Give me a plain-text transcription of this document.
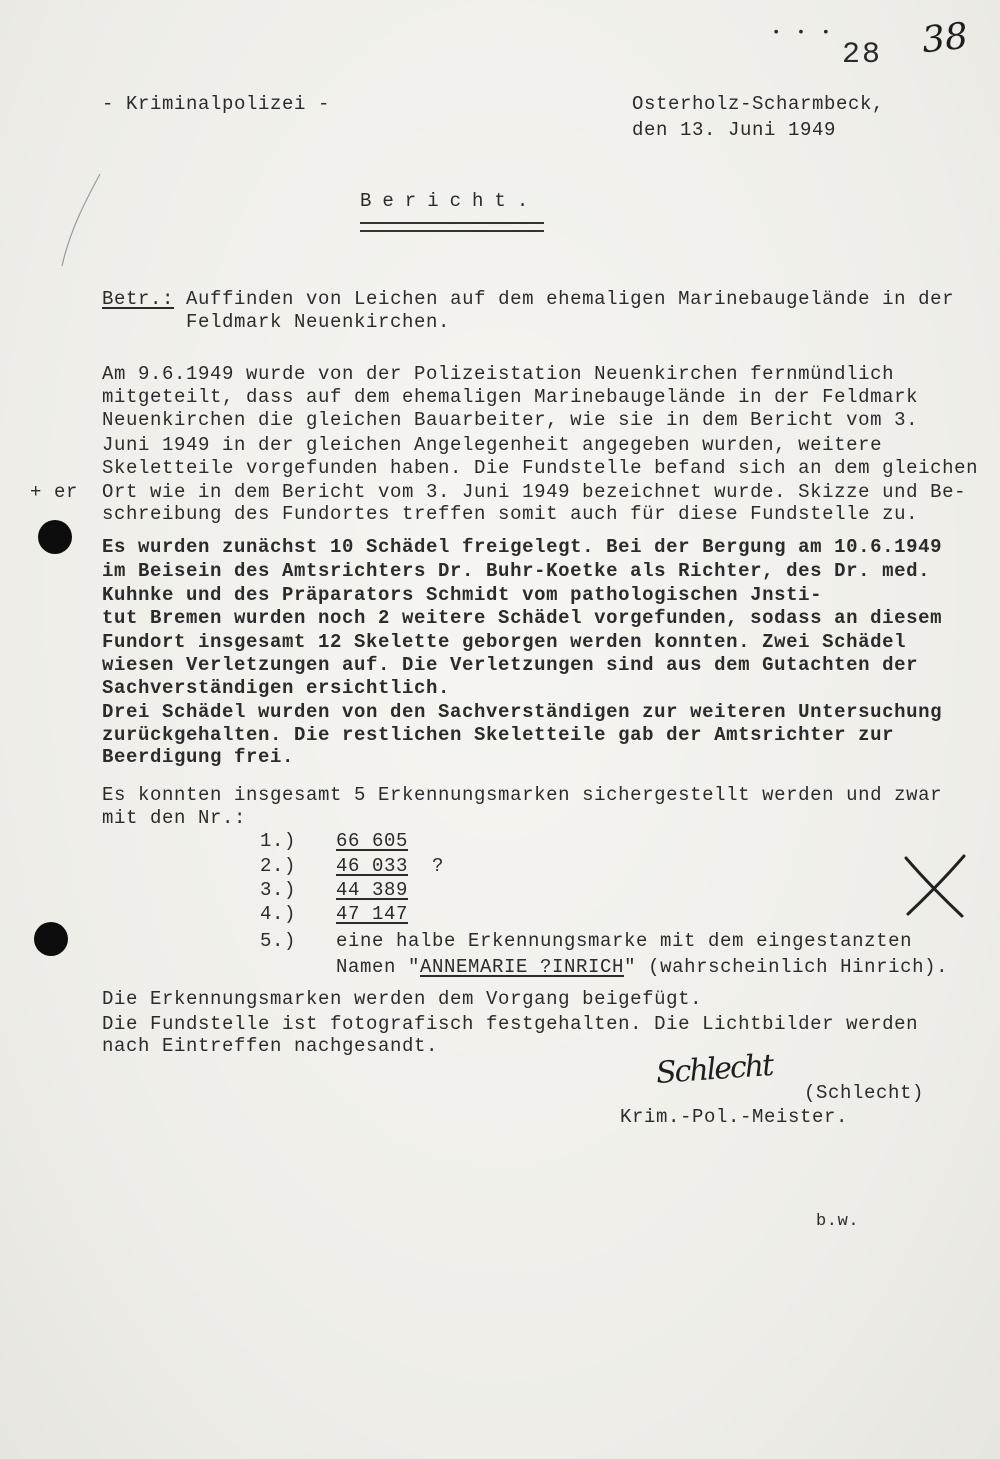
• • •
28 38
- Kriminalpolizei -	Osterholz-Scharmbeck,
den 13. Juni 1949
Bericht.
Betr.: Auffinden von Leichen auf dem ehemaligen Marinebaugelände in der
Feldmark Neuenkirchen.
Am 9.6.1949 wurde von der Polizeistation Neuenkirchen fernmündlich
mitgeteilt, dass auf dem ehemaligen Marinebaugelände in der Feldmark
Neuenkirchen die gleichen Bauarbeiter, wie sie in dem Bericht vom 3.
Juni 1949 in der gleichen Angelegenheit angegeben wurden, weitere
Skeletteile vorgefunden haben. Die Fundstelle befand sich an dem gleichen
Ort wie in dem Bericht vom 3. Juni 1949 bezeichnet wurde. Skizze und Be-
schreibung des Fundortes treffen somit auch für diese Fundstelle zu.
+ er
Es wurden zunächst 10 Schädel freigelegt. Bei der Bergung am 10.6.1949
im Beisein des Amtsrichters Dr. Buhr-Koetke als Richter, des Dr. med.
Kuhnke und des Präparators Schmidt vom pathologischen Jnsti-
tut Bremen wurden noch 2 weitere Schädel vorgefunden, sodass an diesem
Fundort insgesamt 12 Skelette geborgen werden konnten. Zwei Schädel
wiesen Verletzungen auf. Die Verletzungen sind aus dem Gutachten der
Sachverständigen ersichtlich.
Drei Schädel wurden von den Sachverständigen zur weiteren Untersuchung
zurückgehalten. Die restlichen Skeletteile gab der Amtsrichter zur
Beerdigung frei.
Es konnten insgesamt 5 Erkennungsmarken sichergestellt werden und zwar
mit den Nr.:
1.) 66 605
2.) 46 033 ?
3.) 44 389
4.) 47 147
5.) eine halbe Erkennungsmarke mit dem eingestanzten
Namen "ANNEMARIE ?INRICH" (wahrscheinlich Hinrich).
Die Erkennungsmarken werden dem Vorgang beigefügt.
Die Fundstelle ist fotografisch festgehalten. Die Lichtbilder werden
nach Eintreffen nachgesandt.
Schlecht
(Schlecht)
Krim.-Pol.-Meister.
b.w.
